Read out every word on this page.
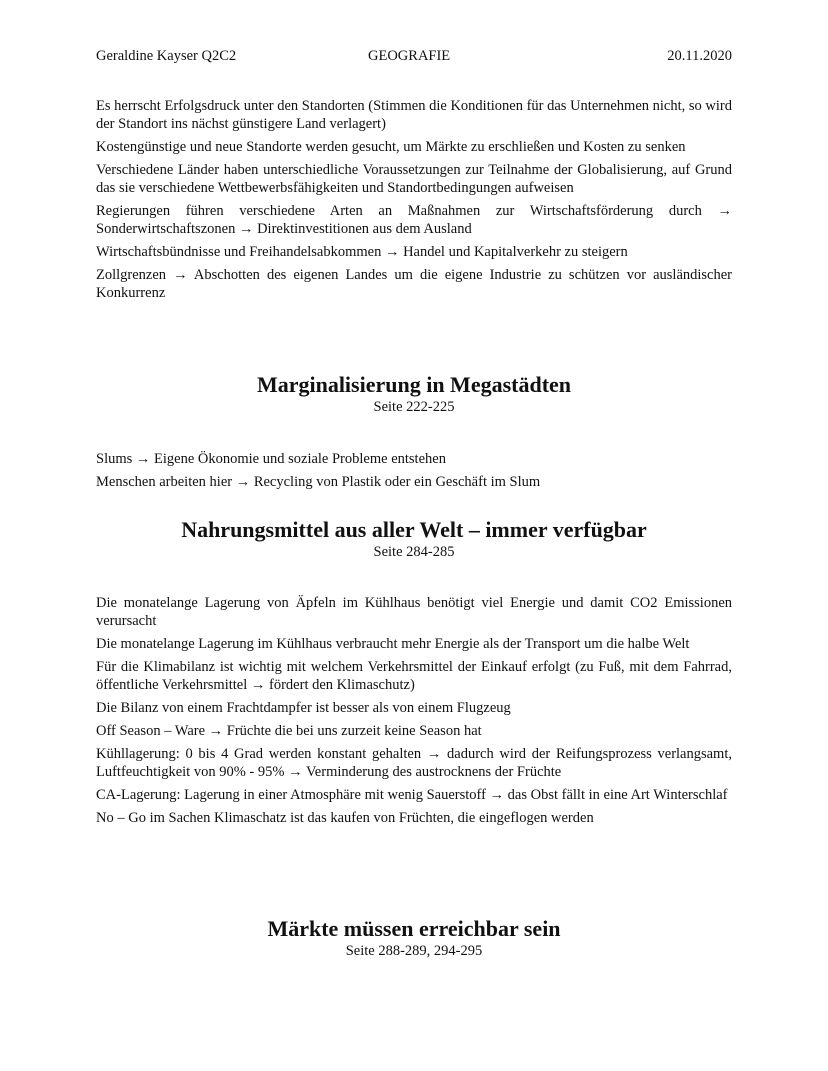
Geraldine Kayser Q2C2	GEOGRAFIE	20.11.2020

Es herrscht Erfolgsdruck unter den Standorten (Stimmen die Konditionen für das Unternehmen nicht, so wird der Standort ins nächst günstigere Land verlagert)

Kostengünstige und neue Standorte werden gesucht, um Märkte zu erschließen und Kosten zu senken

Verschiedene Länder haben unterschiedliche Voraussetzungen zur Teilnahme der Globalisierung, auf Grund das sie verschiedene Wettbewerbsfähigkeiten und Standortbedingungen aufweisen

Regierungen führen verschiedene Arten an Maßnahmen zur Wirtschaftsförderung durch → Sonderwirtschaftszonen → Direktinvestitionen aus dem Ausland

Wirtschaftsbündnisse und Freihandelsabkommen → Handel und Kapitalverkehr zu steigern

Zollgrenzen → Abschotten des eigenen Landes um die eigene Industrie zu schützen vor ausländischer Konkurrenz

Marginalisierung in Megastädten

Seite 222-225

Slums → Eigene Ökonomie und soziale Probleme entstehen

Menschen arbeiten hier → Recycling von Plastik oder ein Geschäft im Slum

Nahrungsmittel aus aller Welt – immer verfügbar

Seite 284-285

Die monatelange Lagerung von Äpfeln im Kühlhaus benötigt viel Energie und damit CO2 Emissionen verursacht

Die monatelange Lagerung im Kühlhaus verbraucht mehr Energie als der Transport um die halbe Welt

Für die Klimabilanz ist wichtig mit welchem Verkehrsmittel der Einkauf erfolgt (zu Fuß, mit dem Fahrrad, öffentliche Verkehrsmittel → fördert den Klimaschutz)

Die Bilanz von einem Frachtdampfer ist besser als von einem Flugzeug

Off Season – Ware → Früchte die bei uns zurzeit keine Season hat

Kühllagerung: 0 bis 4 Grad werden konstant gehalten → dadurch wird der Reifungsprozess verlangsamt, Luftfeuchtigkeit von 90% - 95% → Verminderung des austrocknens der Früchte

CA-Lagerung: Lagerung in einer Atmosphäre mit wenig Sauerstoff → das Obst fällt in eine Art Winterschlaf

No – Go im Sachen Klimaschatz ist das kaufen von Früchten, die eingeflogen werden

Märkte müssen erreichbar sein

Seite 288-289, 294-295
